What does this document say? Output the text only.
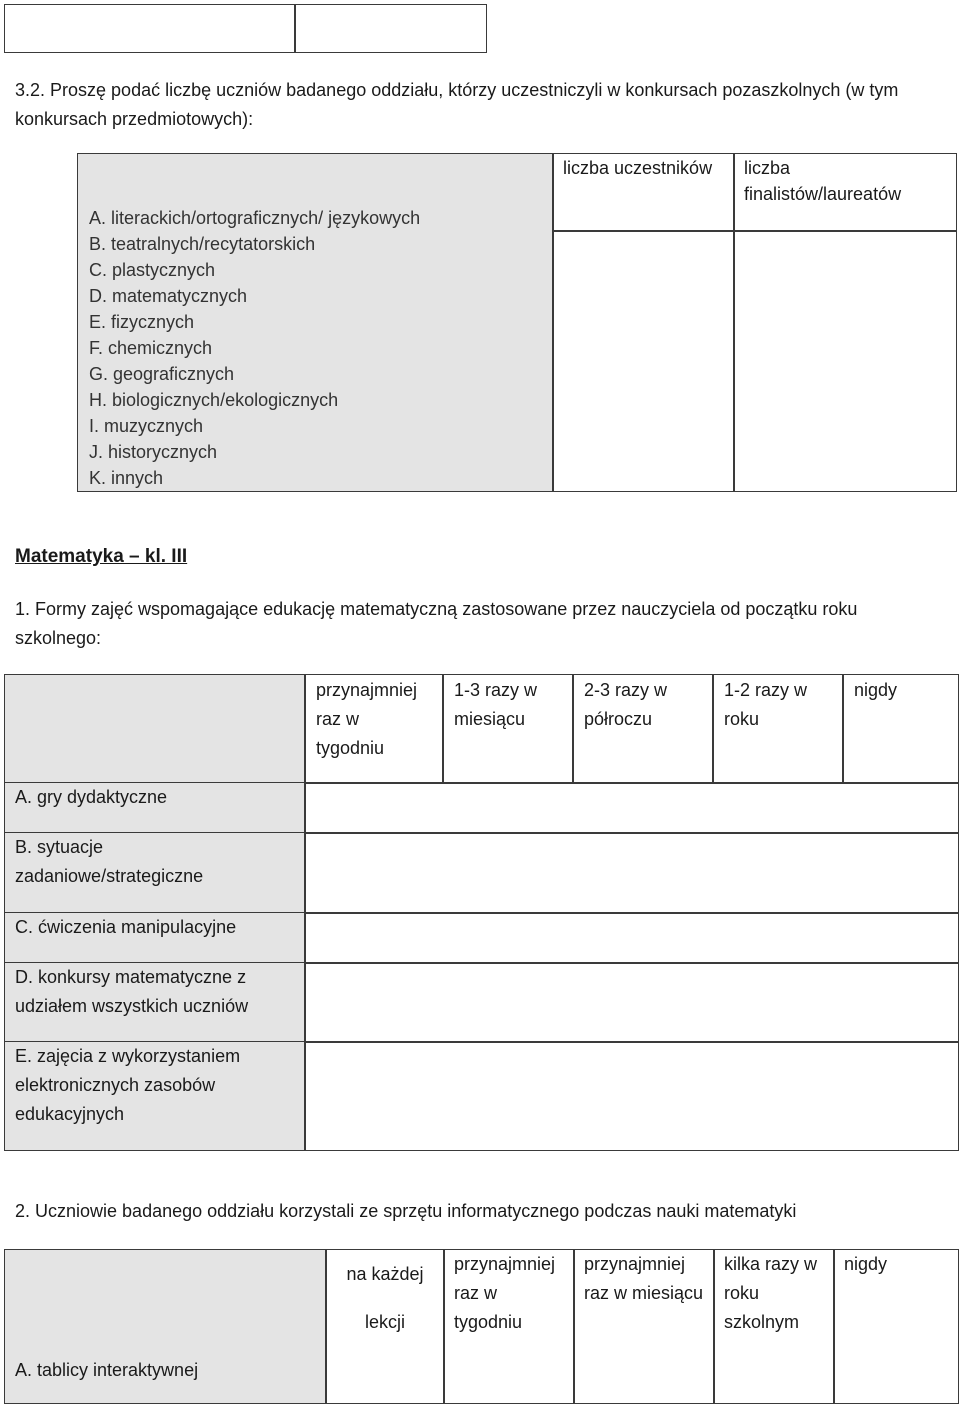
3.2. Proszę podać liczbę uczniów badanego oddziału, którzy uczestniczyli w konkursach pozaszkolnych (w tym konkursach przedmiotowych):
liczba uczestników	liczba finalistów/laureatów
A. literackich/ortograficznych/ językowych
B. teatralnych/recytatorskich
C. plastycznych
D. matematycznych
E. fizycznych
F. chemicznych
G. geograficznych
H. biologicznych/ekologicznych
I. muzycznych
J. historycznych
K. innych
Matematyka – kl. III
1. Formy zajęć wspomagające edukację matematyczną zastosowane przez nauczyciela od początku roku szkolnego:
przynajmniej raz w tygodniu
1-3 razy w miesiącu
2-3 razy w półroczu
1-2 razy w roku
nigdy
A. gry dydaktyczne
B. sytuacje zadaniowe/strategiczne
C. ćwiczenia manipulacyjne
D. konkursy matematyczne z udziałem wszystkich uczniów
E. zajęcia z wykorzystaniem elektronicznych zasobów edukacyjnych
2. Uczniowie badanego oddziału korzystali ze sprzętu informatycznego podczas nauki matematyki
A. tablicy interaktywnej
na każdej lekcji
przynajmniej raz w tygodniu
przynajmniej raz w miesiącu
kilka razy w roku szkolnym
nigdy
